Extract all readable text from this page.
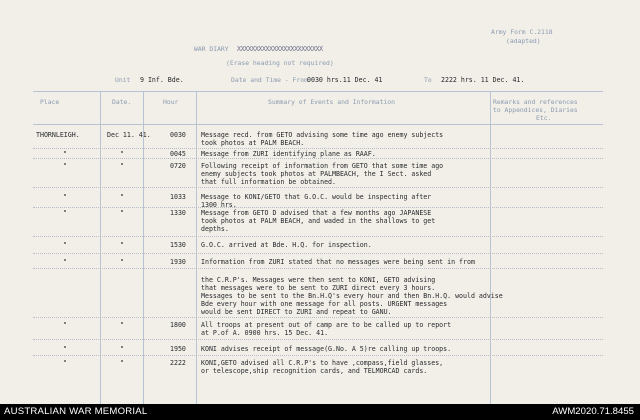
Army Form C.2118
(adapted)
WAR DIARY XXXXXXXXXXXXXXXXXXXXXXXX
(Erase heading not required)
Unit 9 Inf. Bde.	Date and Time - From 0030 hrs.11 Dec. 41	To 2222 hrs. 11 Dec. 41.
Place	Date.	Hour	Summary of Events and Information	Remarks and references
to Appendices, Diaries
Etc.
THORNLEIGH.	Dec 11. 41.	0030 Message recd. from GETO advising some time ago enemy subjects
took photos at PALM BEACH.
"	"	0045 Message from ZURI identifying plane as RAAF.
"	"	0720 Following receipt of information from GETO that some time ago
enemy subjects took photos at PALMBEACH, the I Sect. asked
that full information be obtained.
"	"	1033 Message to KONI/GETO that G.O.C. would be inspecting after
1300 hrs.
"	"	1330 Message from GETO D advised that a few months ago JAPANESE
took photos at PALM BEACH, and waded in the shallows to get
depths.
"	"	1530 G.O.C. arrived at Bde. H.Q. for inspection.
"	"	1930 Information from ZURI stated that no messages were being sent in from
the C.R.P's. Messages were then sent to KONI, GETO advising
that messages were to be sent to ZURI direct every 3 hours.
Messages to be sent to the Bn.H.Q's every hour and then Bn.H.Q. would advise
Bde every hour with one message for all posts. URGENT messages
would be sent DIRECT to ZURI and repeat to GANU.
"	"	1800 All troops at present out of camp are to be called up to report
at P.of A. 0900 hrs. 15 Dec. 41.
"	"	1950 KONI advises receipt of message(G.No. A 5)re calling up troops.
"	"	2222 KONI,GETO advised all C.R.P's to have ,compass,field glasses,
or telescope,ship recognition cards, and TELMORCAD cards.
AUSTRALIAN WAR MEMORIAL	AWM2020.71.8455
